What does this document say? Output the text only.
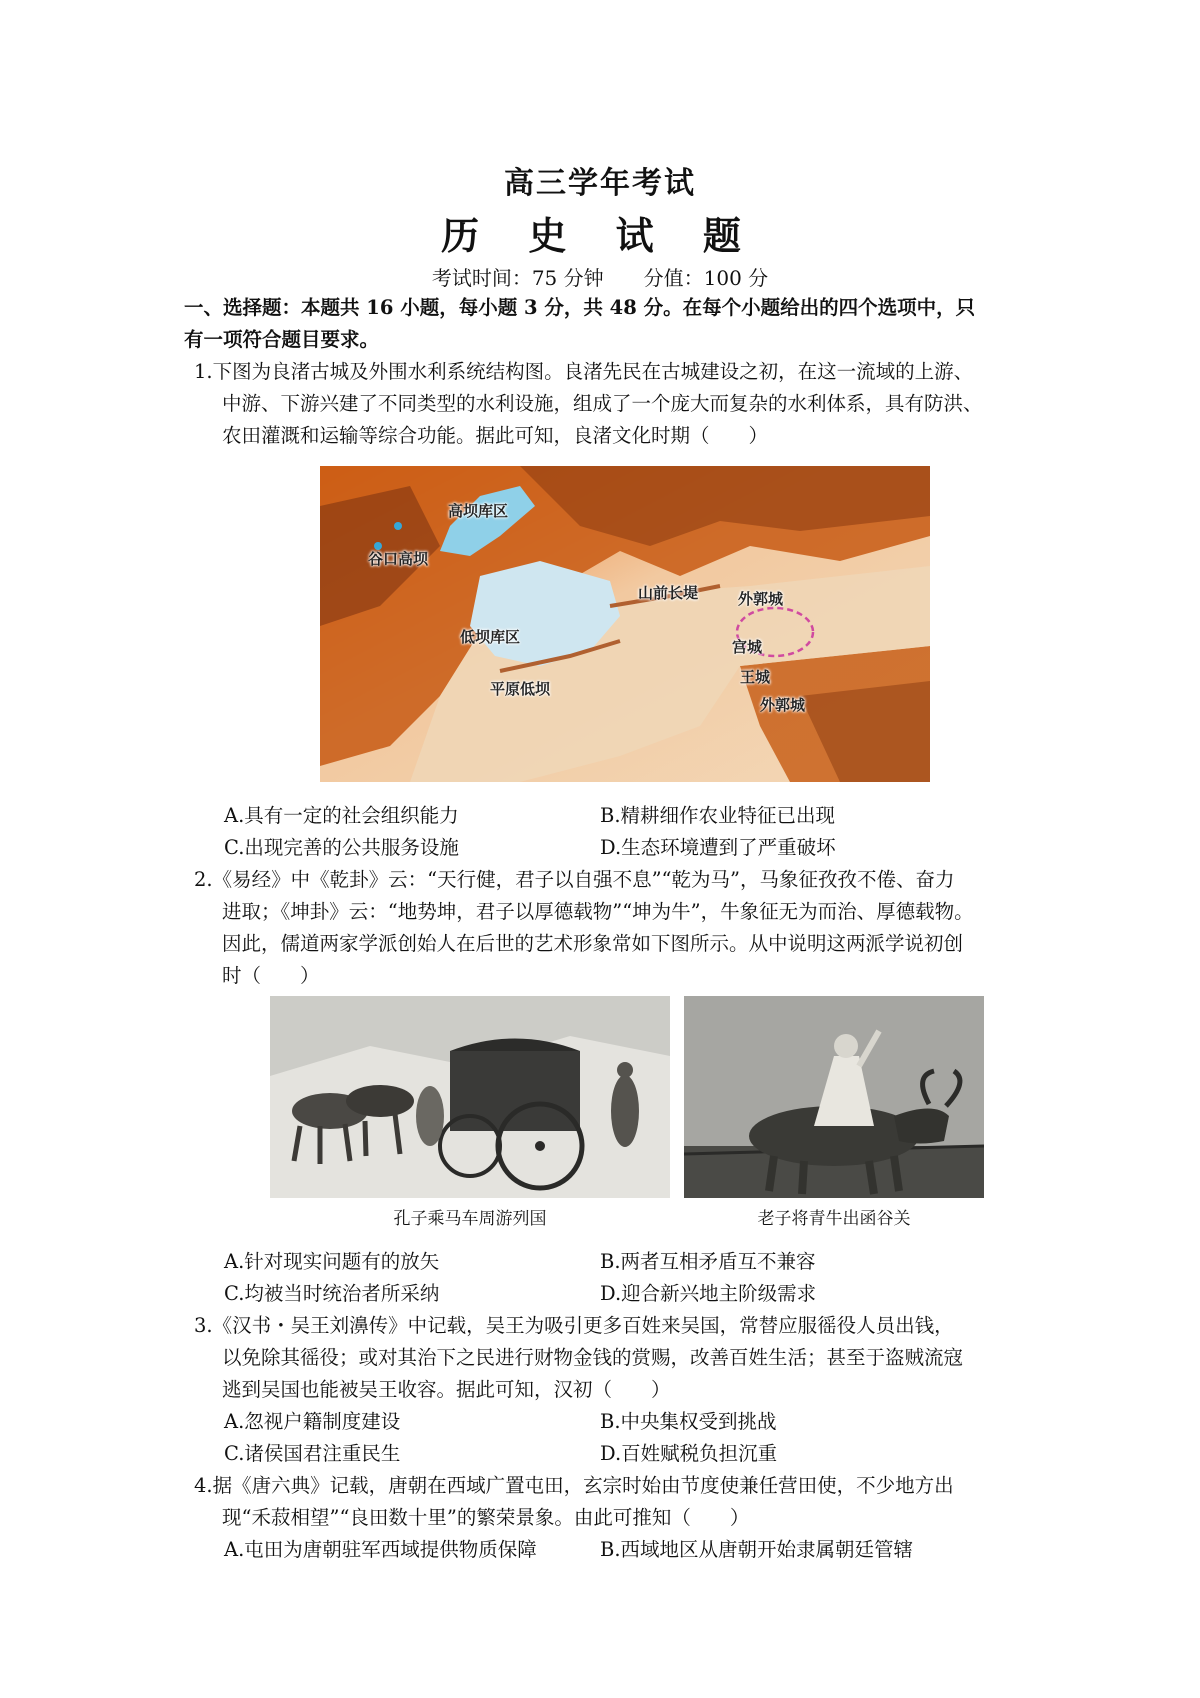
高三学年考试
历 史 试 题
考试时间：75 分钟 分值：100 分
一、选择题：本题共 16 小题，每小题 3 分，共 48 分。在每个小题给出的四个选项中，只
有一项符合题目要求。
1.下图为良渚古城及外围水利系统结构图。良渚先民在古城建设之初，在这一流域的上游、
中游、下游兴建了不同类型的水利设施，组成了一个庞大而复杂的水利体系，具有防洪、
农田灌溉和运输等综合功能。据此可知，良渚文化时期（　　）
高坝库区
谷口高坝
山前长堤	外郭城
低坝库区
宫城
王城
平原低坝
外郭城
A.具有一定的社会组织能力	B.精耕细作农业特征已出现
C.出现完善的公共服务设施	D.生态环境遭到了严重破坏
2.《易经》中《乾卦》云：“天行健，君子以自强不息”“乾为马”，马象征孜孜不倦、奋力
进取；《坤卦》云：“地势坤，君子以厚德载物”“坤为牛”，牛象征无为而治、厚德载物。
因此，儒道两家学派创始人在后世的艺术形象常如下图所示。从中说明这两派学说初创
时（　　）
孔子乘马车周游列国	老子将青牛出函谷关
A.针对现实问题有的放矢	B.两者互相矛盾互不兼容
C.均被当时统治者所采纳	D.迎合新兴地主阶级需求
3.《汉书・吴王刘濞传》中记载，吴王为吸引更多百姓来吴国，常替应服徭役人员出钱，
以免除其徭役；或对其治下之民进行财物金钱的赏赐，改善百姓生活；甚至于盗贼流寇
逃到吴国也能被吴王收容。据此可知，汉初（　　）
A.忽视户籍制度建设	B.中央集权受到挑战
C.诸侯国君注重民生	D.百姓赋税负担沉重
4.据《唐六典》记载，唐朝在西域广置屯田，玄宗时始由节度使兼任营田使，不少地方出
现“禾菽相望”“良田数十里”的繁荣景象。由此可推知（　　）
A.屯田为唐朝驻军西域提供物质保障	B.西域地区从唐朝开始隶属朝廷管辖
